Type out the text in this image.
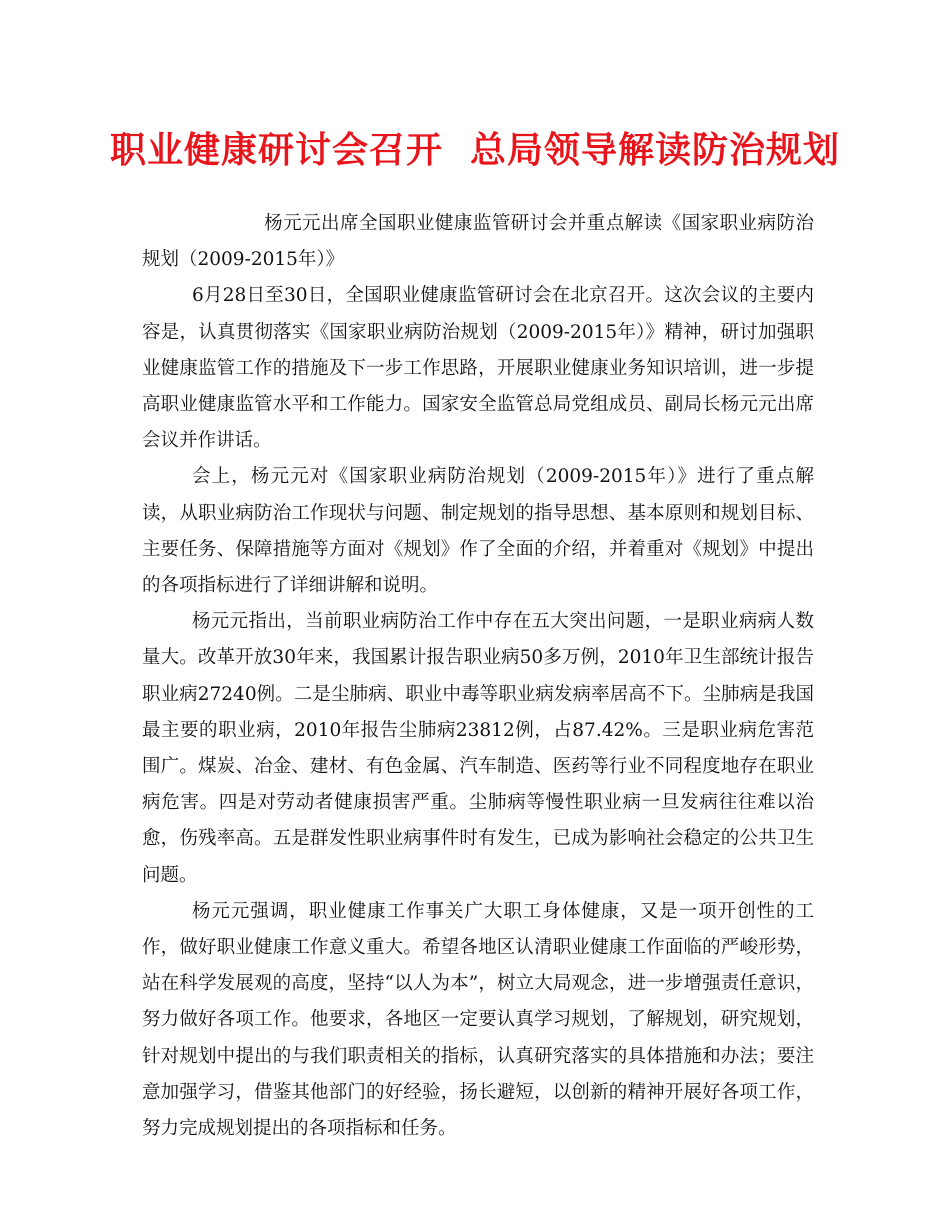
职业健康研讨会召开  总局领导解读防治规划

杨元元出席全国职业健康监管研讨会并重点解读《国家职业病防治规划（2009-2015年）》

6月28日至30日，全国职业健康监管研讨会在北京召开。这次会议的主要内容是，认真贯彻落实《国家职业病防治规划（2009-2015年）》精神，研讨加强职业健康监管工作的措施及下一步工作思路，开展职业健康业务知识培训，进一步提高职业健康监管水平和工作能力。国家安全监管总局党组成员、副局长杨元元出席会议并作讲话。

会上，杨元元对《国家职业病防治规划（2009-2015年）》进行了重点解读，从职业病防治工作现状与问题、制定规划的指导思想、基本原则和规划目标、主要任务、保障措施等方面对《规划》作了全面的介绍，并着重对《规划》中提出的各项指标进行了详细讲解和说明。

杨元元指出，当前职业病防治工作中存在五大突出问题，一是职业病病人数量大。改革开放30年来，我国累计报告职业病50多万例，2010年卫生部统计报告职业病27240例。二是尘肺病、职业中毒等职业病发病率居高不下。尘肺病是我国最主要的职业病，2010年报告尘肺病23812例，占87.42%。三是职业病危害范围广。煤炭、冶金、建材、有色金属、汽车制造、医药等行业不同程度地存在职业病危害。四是对劳动者健康损害严重。尘肺病等慢性职业病一旦发病往往难以治愈，伤残率高。五是群发性职业病事件时有发生，已成为影响社会稳定的公共卫生问题。

杨元元强调，职业健康工作事关广大职工身体健康，又是一项开创性的工作，做好职业健康工作意义重大。希望各地区认清职业健康工作面临的严峻形势，站在科学发展观的高度，坚持“以人为本”，树立大局观念，进一步增强责任意识，努力做好各项工作。他要求，各地区一定要认真学习规划，了解规划，研究规划，针对规划中提出的与我们职责相关的指标，认真研究落实的具体措施和办法；要注意加强学习，借鉴其他部门的好经验，扬长避短，以创新的精神开展好各项工作，努力完成规划提出的各项指标和任务。
